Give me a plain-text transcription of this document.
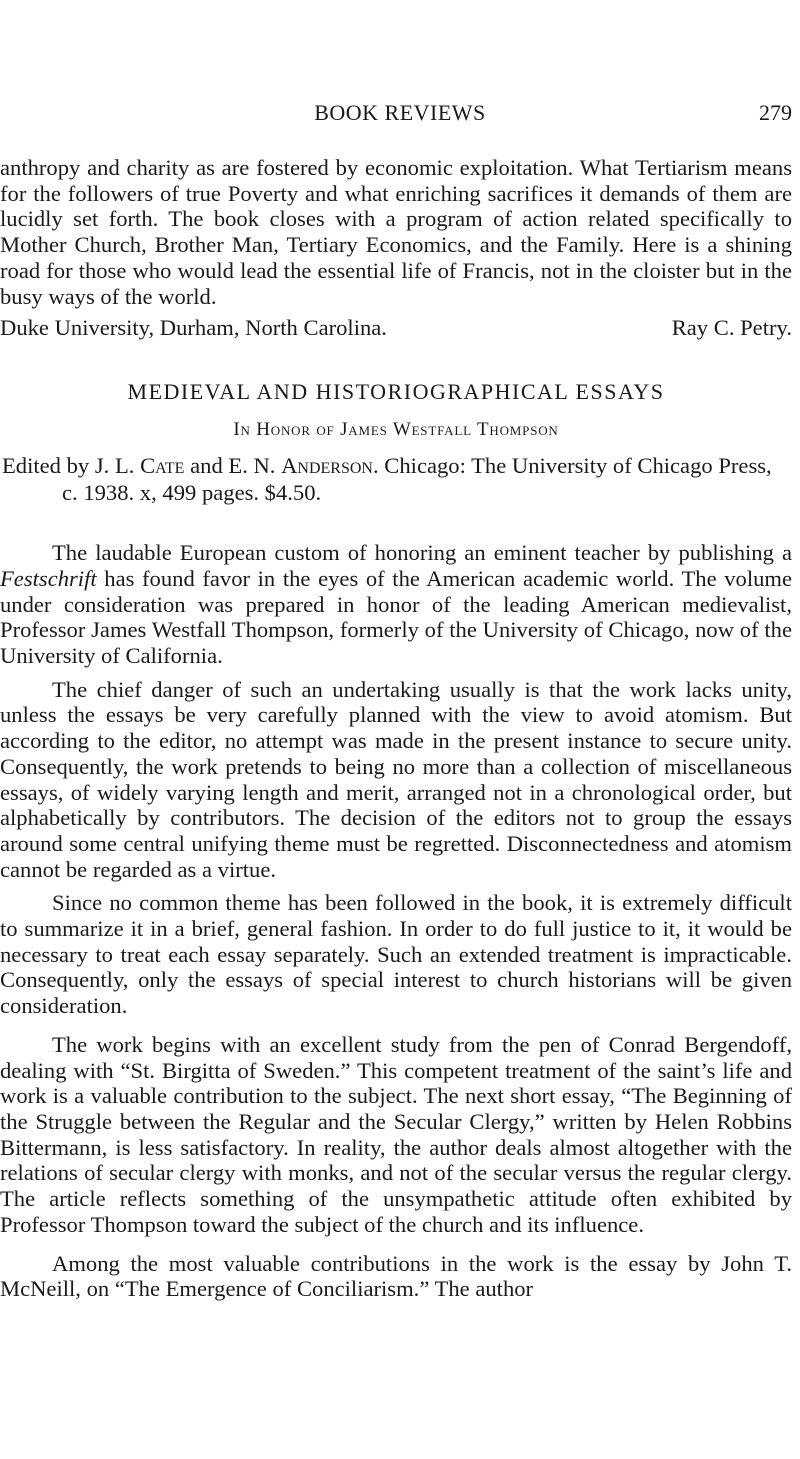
BOOK REVIEWS	279

anthropy and charity as are fostered by economic exploitation. What Tertiarism means for the followers of true Poverty and what enriching sacrifices it demands of them are lucidly set forth. The book closes with a program of action related specifically to Mother Church, Brother Man, Tertiary Economics, and the Family. Here is a shining road for those who would lead the essential life of Francis, not in the cloister but in the busy ways of the world.

Duke University, Durham, North Carolina.	Ray C. Petry.
MEDIEVAL AND HISTORIOGRAPHICAL ESSAYS
In Honor of James Westfall Thompson

Edited by J. L. Cate and E. N. Anderson. Chicago: The University of Chicago Press, c. 1938. x, 499 pages. $4.50.

The laudable European custom of honoring an eminent teacher by publishing a Festschrift has found favor in the eyes of the American academic world. The volume under consideration was prepared in honor of the leading American medievalist, Professor James Westfall Thompson, formerly of the University of Chicago, now of the University of California.

The chief danger of such an undertaking usually is that the work lacks unity, unless the essays be very carefully planned with the view to avoid atomism. But according to the editor, no attempt was made in the present instance to secure unity. Consequently, the work pretends to being no more than a collection of miscellaneous essays, of widely varying length and merit, arranged not in a chronological order, but alphabetically by contributors. The decision of the editors not to group the essays around some central unifying theme must be regretted. Disconnectedness and atomism cannot be regarded as a virtue.

Since no common theme has been followed in the book, it is extremely difficult to summarize it in a brief, general fashion. In order to do full justice to it, it would be necessary to treat each essay separately. Such an extended treatment is impracticable. Consequently, only the essays of special interest to church historians will be given consideration.

The work begins with an excellent study from the pen of Conrad Bergendoff, dealing with “St. Birgitta of Sweden.” This competent treatment of the saint’s life and work is a valuable contribution to the subject. The next short essay, “The Beginning of the Struggle between the Regular and the Secular Clergy,” written by Helen Robbins Bittermann, is less satisfactory. In reality, the author deals almost altogether with the relations of secular clergy with monks, and not of the secular versus the regular clergy. The article reflects something of the unsympathetic attitude often exhibited by Professor Thompson toward the subject of the church and its influence.

Among the most valuable contributions in the work is the essay by John T. McNeill, on “The Emergence of Conciliarism.” The author
